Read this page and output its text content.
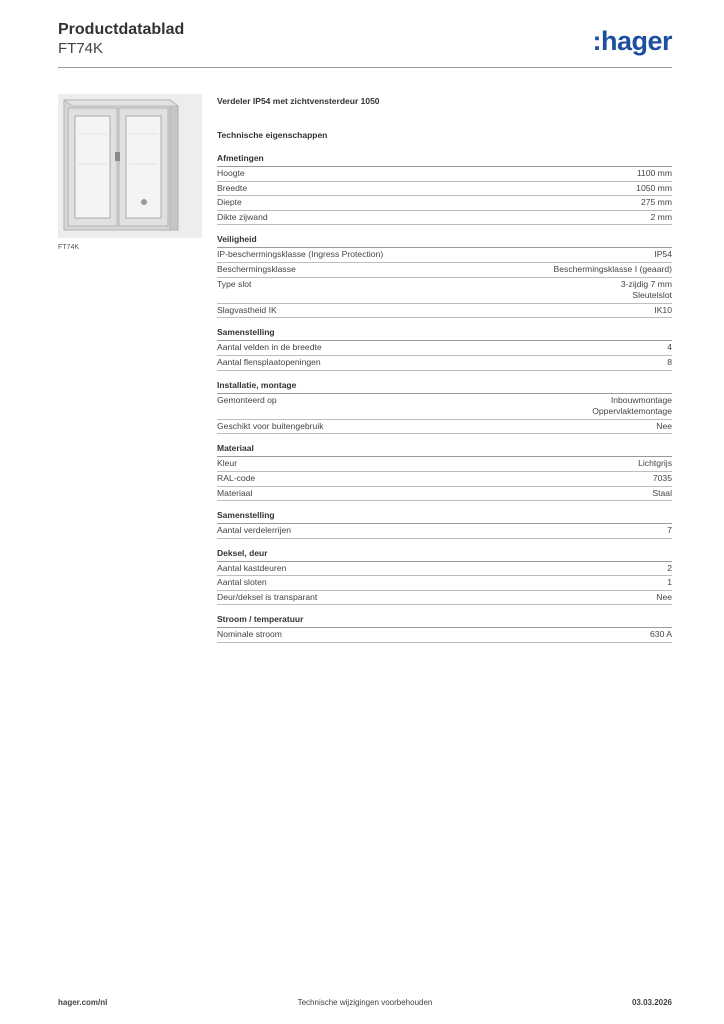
Productdatablad
FT74K	:hager
FT74K
Verdeler IP54 met zichtvensterdeur 1050
Technische eigenschappen
Afmetingen
Hoogte	1100 mm
Breedte	1050 mm
Diepte	275 mm
Dikte zijwand	2 mm
Veiligheid
IP-beschermingsklasse (Ingress Protection)	IP54
Beschermingsklasse	Beschermingsklasse I (geaard)
Type slot	3-zijdig 7 mm
Sleutelslot
Slagvastheid IK	IK10
Samenstelling
Aantal velden in de breedte	4
Aantal flensplaatopeningen	8
Installatie, montage
Gemonteerd op	Inbouwmontage
Oppervlaktemontage
Geschikt voor buitengebruik	Nee
Materiaal
Kleur	Lichtgrijs
RAL-code	7035
Materiaal	Staal
Samenstelling
Aantal verdelerrijen	7
Deksel, deur
Aantal kastdeuren	2
Aantal sloten	1
Deur/deksel is transparant	Nee
Stroom / temperatuur
Nominale stroom	630 A
hager.com/nl	Technische wijzigingen voorbehouden	03.03.2026
